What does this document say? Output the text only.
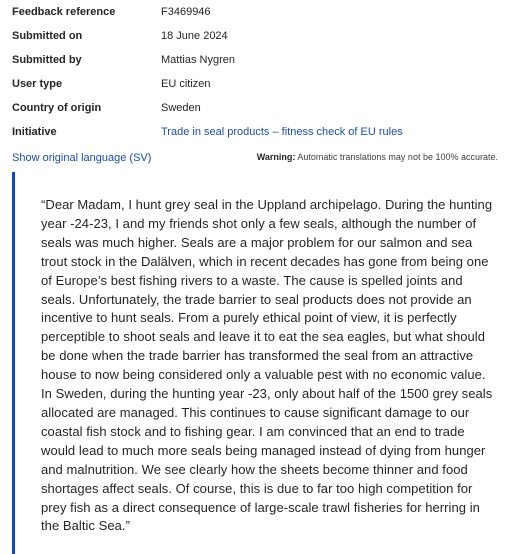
Feedback reference	F3469946
Submitted on	18 June 2024
Submitted by	Mattias Nygren
User type	EU citizen
Country of origin	Sweden
Initiative	Trade in seal products – fitness check of EU rules
Show original language (SV)	Warning: Automatic translations may not be 100% accurate.

“Dear Madam, I hunt grey seal in the Uppland archipelago. During the hunting year -24-23, I and my friends shot only a few seals, although the number of seals was much higher. Seals are a major problem for our salmon and sea trout stock in the Dalälven, which in recent decades has gone from being one of Europe’s best fishing rivers to a waste. The cause is spelled joints and seals. Unfortunately, the trade barrier to seal products does not provide an incentive to hunt seals. From a purely ethical point of view, it is perfectly perceptible to shoot seals and leave it to eat the sea eagles, but what should be done when the trade barrier has transformed the seal from an attractive house to now being considered only a valuable pest with no economic value. In Sweden, during the hunting year -23, only about half of the 1500 grey seals allocated are managed. This continues to cause significant damage to our coastal fish stock and to fishing gear. I am convinced that an end to trade would lead to much more seals being managed instead of dying from hunger and malnutrition. We see clearly how the sheets become thinner and food shortages affect seals. Of course, this is due to far too high competition for prey fish as a direct consequence of large-scale trawl fisheries for herring in the Baltic Sea.”
